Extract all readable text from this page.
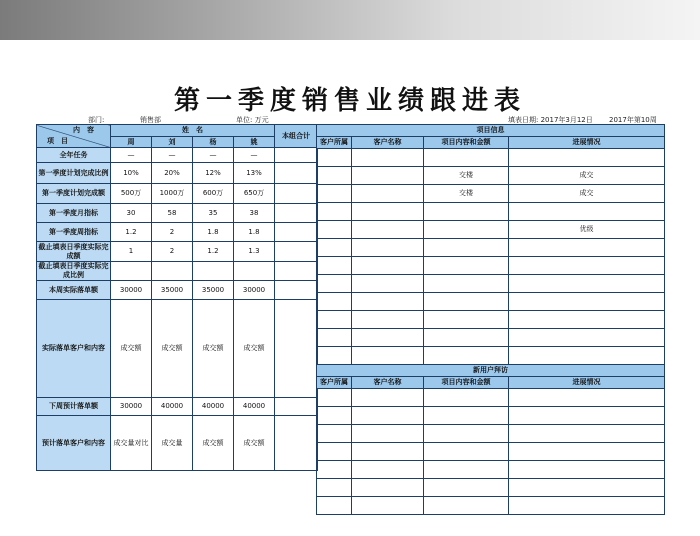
第一季度销售业绩跟进表
部门:	销售部	单位: 万元	填表日期: 2017年3月12日 2017年第10周
内　容
项　目	姓　名				本组合计
	周	刘	杨	姚	
全年任务	—	—	—	—	
第一季度计划完成比例	10%	20%	12%	13%	
第一季度计划完成额	500万	1000万	600万	650万	
第一季度月指标	30	58	35	38	
第一季度周指标	1.2	2	1.8	1.8	
截止填表日季度实际完成额	1	2	1.2	1.3	
截止填表日季度实际完成比例					
本周实际落单额	30000	35000	35000	30000	
实际落单客户和内容	成交额	成交额	成交额	成交额	
下周预计落单额	30000	40000	40000	40000	
预计落单客户和内容	成交量对比	成交量	成交额	成交额	
项目信息			
客户所属	客户名称	项目内容和金额	进展情况

		交楼	成交
		交楼	成交

			优级

新用户拜访			
客户所属	客户名称	项目内容和金额	进展情况
